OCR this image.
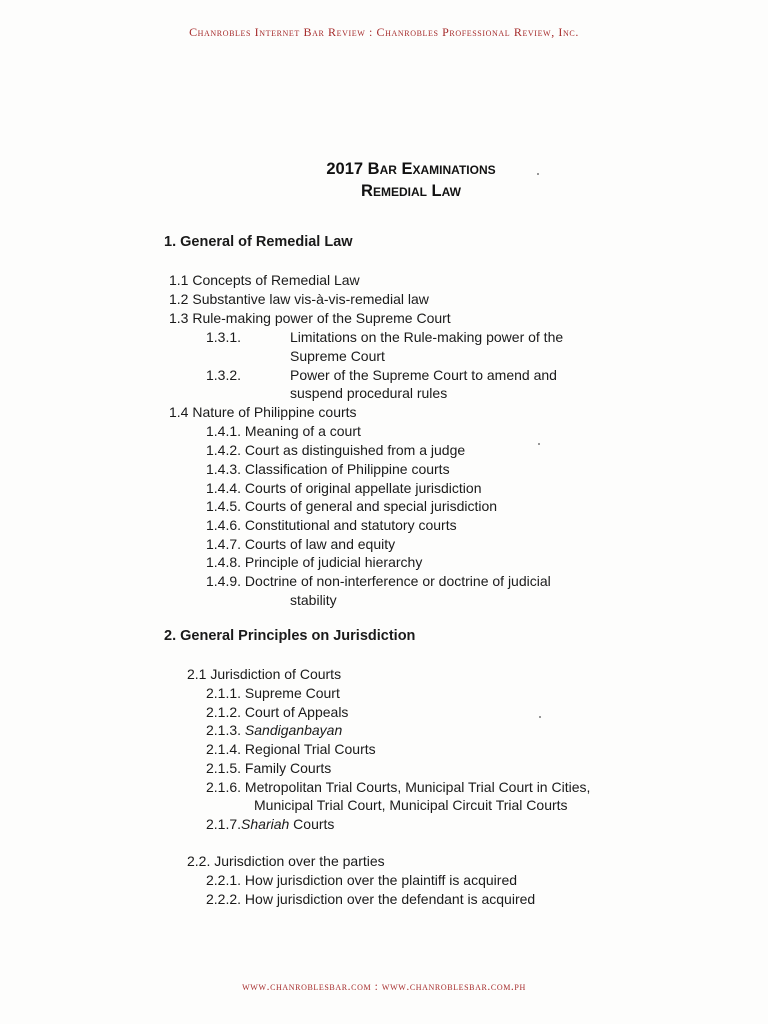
Chanrobles Internet Bar Review : Chanrobles Professional Review, Inc.
2017 Bar Examinations
Remedial Law
1. General of Remedial Law
1.1 Concepts of Remedial Law
1.2 Substantive law vis-à-vis-remedial law
1.3 Rule-making power of the Supreme Court
1.3.1.	Limitations on the Rule-making power of the
Supreme Court
1.3.2.	Power of the Supreme Court to amend and
suspend procedural rules
1.4 Nature of Philippine courts
1.4.1. Meaning of a court
1.4.2. Court as distinguished from a judge
1.4.3. Classification of Philippine courts
1.4.4. Courts of original appellate jurisdiction
1.4.5. Courts of general and special jurisdiction
1.4.6. Constitutional and statutory courts
1.4.7. Courts of law and equity
1.4.8. Principle of judicial hierarchy
1.4.9. Doctrine of non-interference or doctrine of judicial
stability
2. General Principles on Jurisdiction
2.1 Jurisdiction of Courts
2.1.1. Supreme Court
2.1.2. Court of Appeals
2.1.3. Sandiganbayan
2.1.4. Regional Trial Courts
2.1.5. Family Courts
2.1.6. Metropolitan Trial Courts, Municipal Trial Court in Cities,
Municipal Trial Court, Municipal Circuit Trial Courts
2.1.7.Shariah Courts
2.2. Jurisdiction over the parties
2.2.1. How jurisdiction over the plaintiff is acquired
2.2.2. How jurisdiction over the defendant is acquired
www.chanroblesbar.com : www.chanroblesbar.com.ph
